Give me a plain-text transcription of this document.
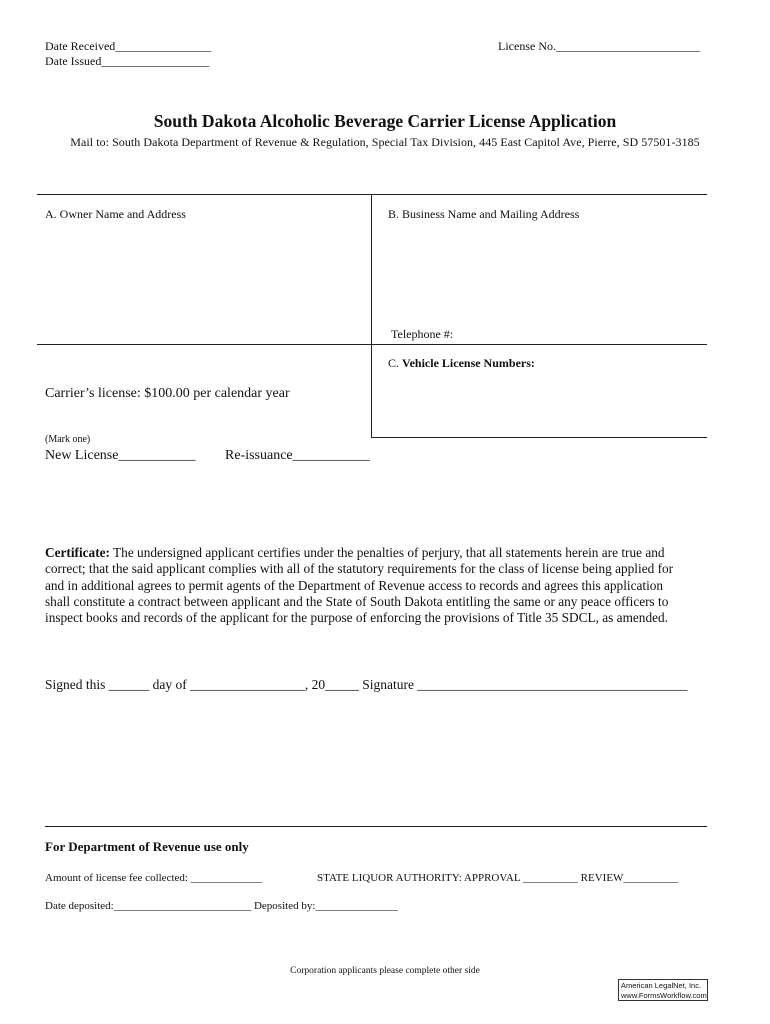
Date Received________________
Date Issued__________________
License No.________________________
South Dakota Alcoholic Beverage Carrier License Application
Mail to: South Dakota Department of Revenue & Regulation, Special Tax Division, 445 East Capitol Ave, Pierre, SD 57501-3185
A. Owner Name and Address	B. Business Name and Mailing Address
Telephone #:
C. Vehicle License Numbers:
Carrier’s license: $100.00 per calendar year
(Mark one)
New License___________ Re-issuance___________

Certificate: The undersigned applicant certifies under the penalties of perjury, that all statements herein are true and

correct; that the said applicant complies with all of the statutory requirements for the class of license being applied for

and in additional agrees to permit agents of the Department of Revenue access to records and agrees this application

shall constitute a contract between applicant and the State of South Dakota entitling the same or any peace officers to

inspect books and records of the applicant for the purpose of enforcing the provisions of Title 35 SDCL, as amended.

Signed this ______ day of _________________, 20_____ Signature ________________________________________
For Department of Revenue use only
Amount of license fee collected: _____________	STATE LIQUOR AUTHORITY: APPROVAL __________ REVIEW__________
Date deposited:_________________________ Deposited by:_______________
Corporation applicants please complete other side
American LegalNet, Inc.
www.FormsWorkflow.com
